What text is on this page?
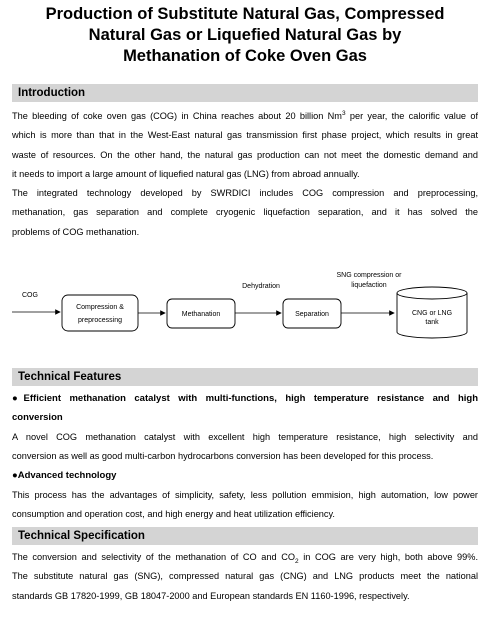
Production of Substitute Natural Gas, Compressed
Natural Gas or Liquefied Natural Gas by
Methanation of Coke Oven Gas
Introduction
The bleeding of coke oven gas (COG) in China reaches about 20 billion Nm$^3$ per year, the calorific value of
which is more than that in the West-East natural gas transmission first phase project, which results in great
waste of resources. On the other hand, the natural gas production can not meet the domestic demand and
it needs to import a large amount of liquefied natural gas (LNG) from abroad annually.
The integrated technology developed by SWRDICI includes COG compression and preprocessing,
methanation, gas separation and complete cryogenic liquefaction separation, and it has solved the
problems of COG methanation.
COG
Compression &
preprocessing
Methanation
Dehydration
Separation
SNG compression or
liquefaction
CNG or LNG
tank
Technical Features
●Efficient methanation catalyst with multi-functions, high temperature resistance and high
conversion
A novel COG methanation catalyst with excellent high temperature resistance, high selectivity and
conversion as well as good multi-carbon hydrocarbons conversion has been developed for this process.
●Advanced technology
This process has the advantages of simplicity, safety, less pollution emmision, high automation, low power
consumption and operation cost, and high energy and heat utilization efficiency.
Technical Specification
The conversion and selectivity of the methanation of CO and $CO_2$ in COG are very high, both above 99%.
The substitute natural gas (SNG), compressed natural gas (CNG) and LNG products meet the national
standards GB 17820-1999, GB 18047-2000 and European standards EN 1160-1996, respectively.
